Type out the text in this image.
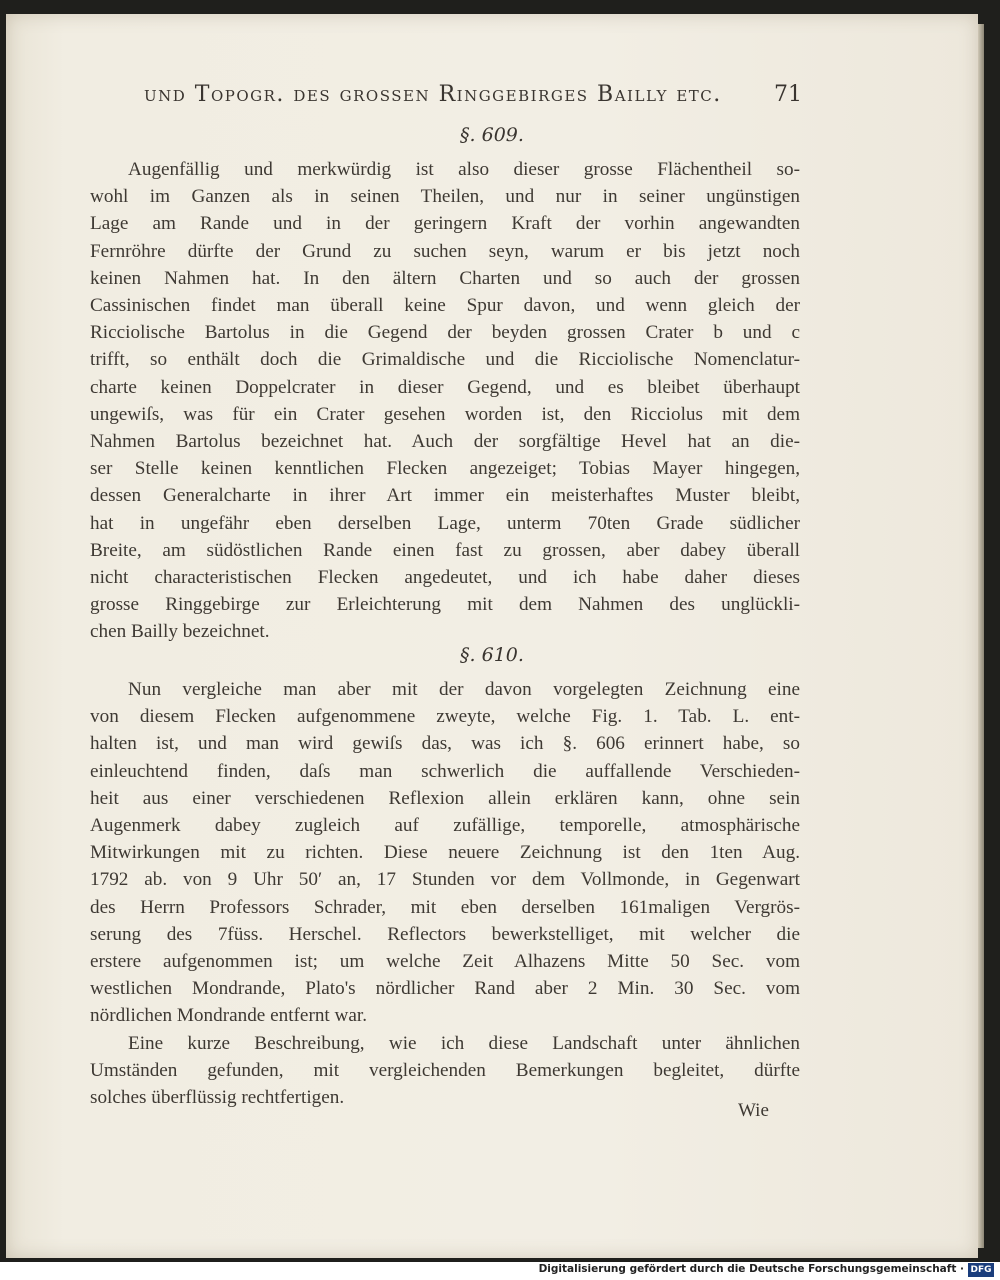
und Topogr. des grossen Ringgebirges Bailly etc.	71
§. 609.
Augenfällig und merkwürdig ist also dieser grosse Flächentheil so-
wohl im Ganzen als in seinen Theilen, und nur in seiner ungünstigen
Lage am Rande und in der geringern Kraft der vorhin angewandten
Fernröhre dürfte der Grund zu suchen seyn, warum er bis jetzt noch
keinen Nahmen hat. In den ältern Charten und so auch der grossen
Cassinischen findet man überall keine Spur davon, und wenn gleich der
Ricciolische Bartolus in die Gegend der beyden grossen Crater b und c
trifft, so enthält doch die Grimaldische und die Ricciolische Nomenclatur-
charte keinen Doppelcrater in dieser Gegend, und es bleibet überhaupt
ungewiſs, was für ein Crater gesehen worden ist, den Ricciolus mit dem
Nahmen Bartolus bezeichnet hat. Auch der sorgfältige Hevel hat an die-
ser Stelle keinen kenntlichen Flecken angezeiget; Tobias Mayer hingegen,
dessen Generalcharte in ihrer Art immer ein meisterhaftes Muster bleibt,
hat in ungefähr eben derselben Lage, unterm 70ten Grade südlicher
Breite, am südöstlichen Rande einen fast zu grossen, aber dabey überall
nicht characteristischen Flecken angedeutet, und ich habe daher dieses
grosse Ringgebirge zur Erleichterung mit dem Nahmen des unglückli-
chen Bailly bezeichnet.
§. 610.
Nun vergleiche man aber mit der davon vorgelegten Zeichnung eine
von diesem Flecken aufgenommene zweyte, welche Fig. 1. Tab. L. ent-
halten ist, und man wird gewiſs das, was ich §. 606 erinnert habe, so
einleuchtend finden, daſs man schwerlich die auffallende Verschieden-
heit aus einer verschiedenen Reflexion allein erklären kann, ohne sein
Augenmerk dabey zugleich auf zufällige, temporelle, atmosphärische
Mitwirkungen mit zu richten. Diese neuere Zeichnung ist den 1ten Aug.
1792 ab. von 9 Uhr 50′ an, 17 Stunden vor dem Vollmonde, in Gegenwart
des Herrn Professors Schrader, mit eben derselben 161maligen Vergrös-
serung des 7füss. Herschel. Reflectors bewerkstelliget, mit welcher die
erstere aufgenommen ist; um welche Zeit Alhazens Mitte 50 Sec. vom
westlichen Mondrande, Plato's nördlicher Rand aber 2 Min. 30 Sec. vom
nördlichen Mondrande entfernt war.
Eine kurze Beschreibung, wie ich diese Landschaft unter ähnlichen
Umständen gefunden, mit vergleichenden Bemerkungen begleitet, dürfte
solches überflüssig rechtfertigen.
Wie
Digitalisierung gefördert durch die Deutsche Forschungsgemeinschaft · DFG
